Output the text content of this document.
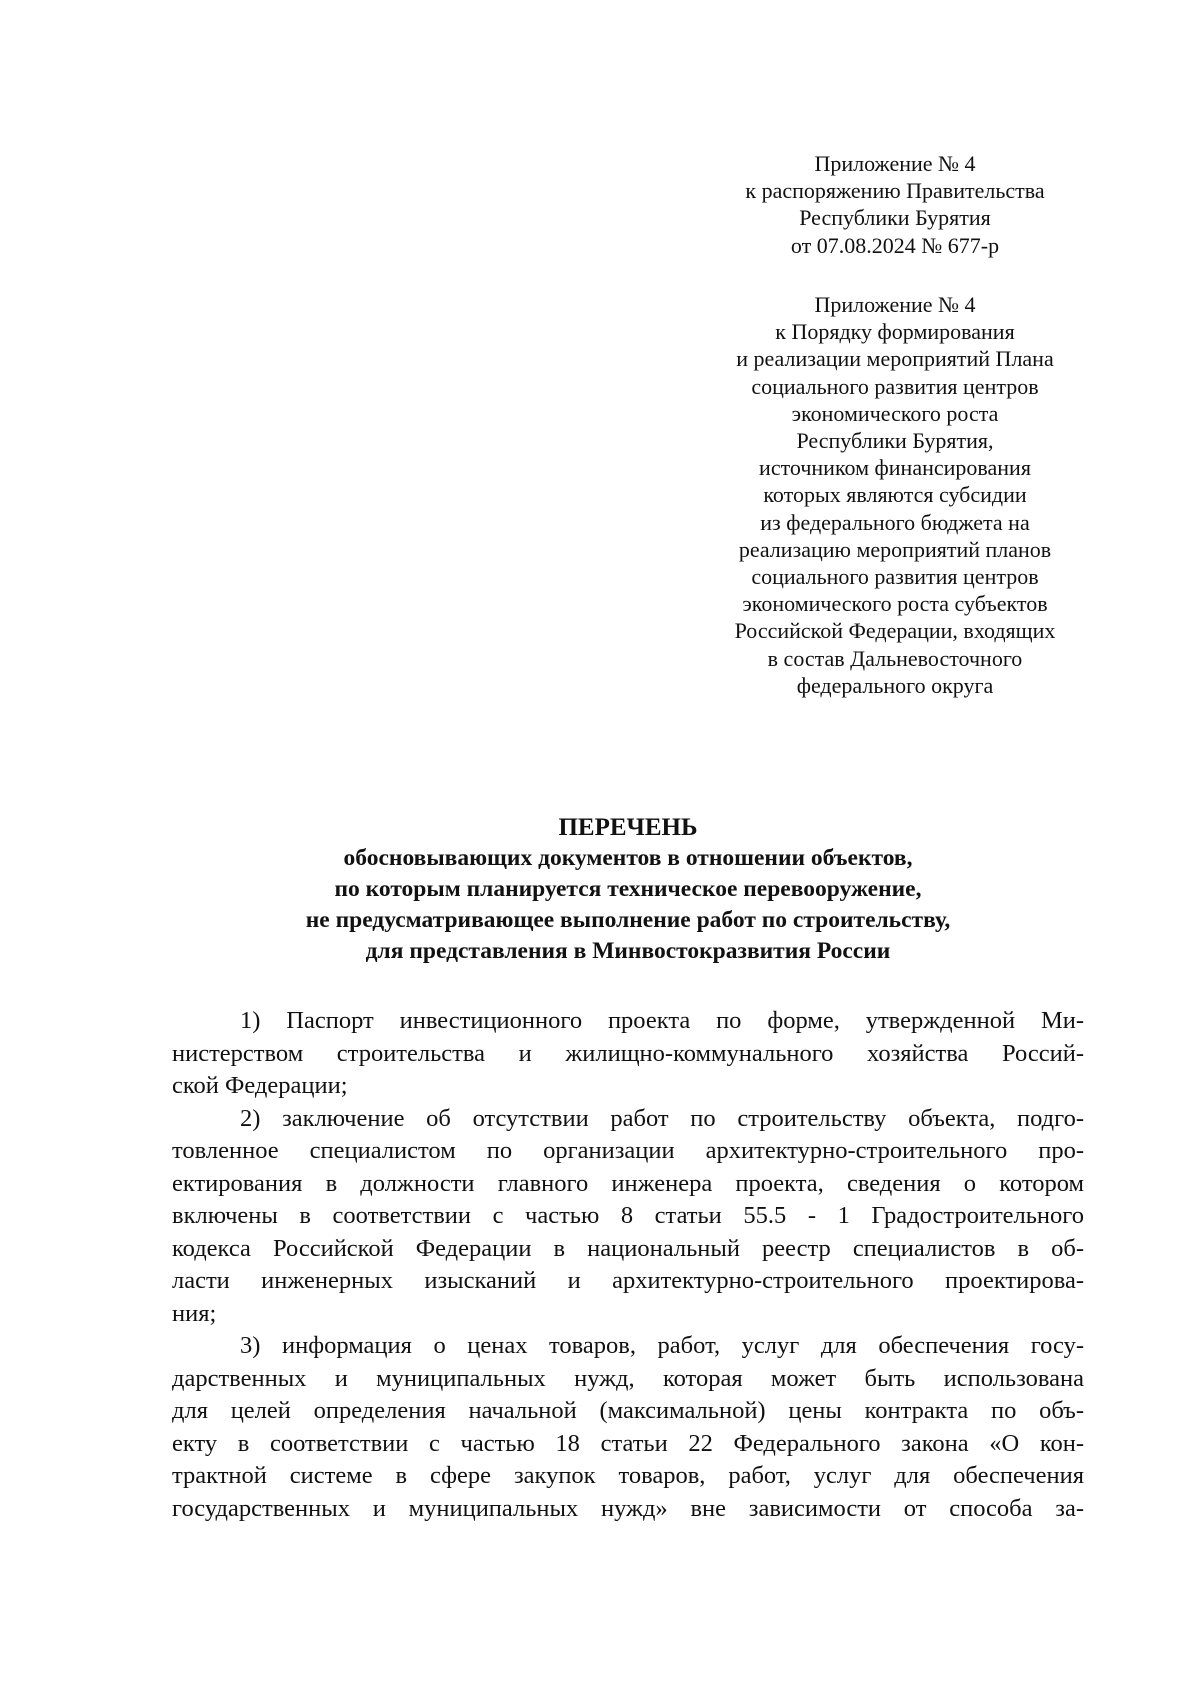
Приложение № 4
к распоряжению Правительства
Республики Бурятия
от 07.08.2024 № 677-р
Приложение № 4
к Порядку формирования
и реализации мероприятий Плана
социального развития центров
экономического роста
Республики Бурятия,
источником финансирования
которых являются субсидии
из федерального бюджета на
реализацию мероприятий планов
социального развития центров
экономического роста субъектов
Российской Федерации, входящих
в состав Дальневосточного
федерального округа
ПЕРЕЧЕНЬ
обосновывающих документов в отношении объектов,
по которым планируется техническое перевооружение,
не предусматривающее выполнение работ по строительству,
для представления в Минвостокразвития России

1) Паспорт инвестиционного проекта по форме, утвержденной Ми-
нистерством строительства и жилищно-коммунального хозяйства Россий-
ской Федерации;

2) заключение об отсутствии работ по строительству объекта, подго-
товленное специалистом по организации архитектурно-строительного про-
ектирования в должности главного инженера проекта, сведения о котором
включены в соответствии с частью 8 статьи 55.5 - 1 Градостроительного
кодекса Российской Федерации в национальный реестр специалистов в об-
ласти инженерных изысканий и архитектурно-строительного проектирова-
ния;

3) информация о ценах товаров, работ, услуг для обеспечения госу-
дарственных и муниципальных нужд, которая может быть использована
для целей определения начальной (максимальной) цены контракта по объ-
екту в соответствии с частью 18 статьи 22 Федерального закона «О кон-
трактной системе в сфере закупок товаров, работ, услуг для обеспечения
государственных и муниципальных нужд» вне зависимости от способа за-
